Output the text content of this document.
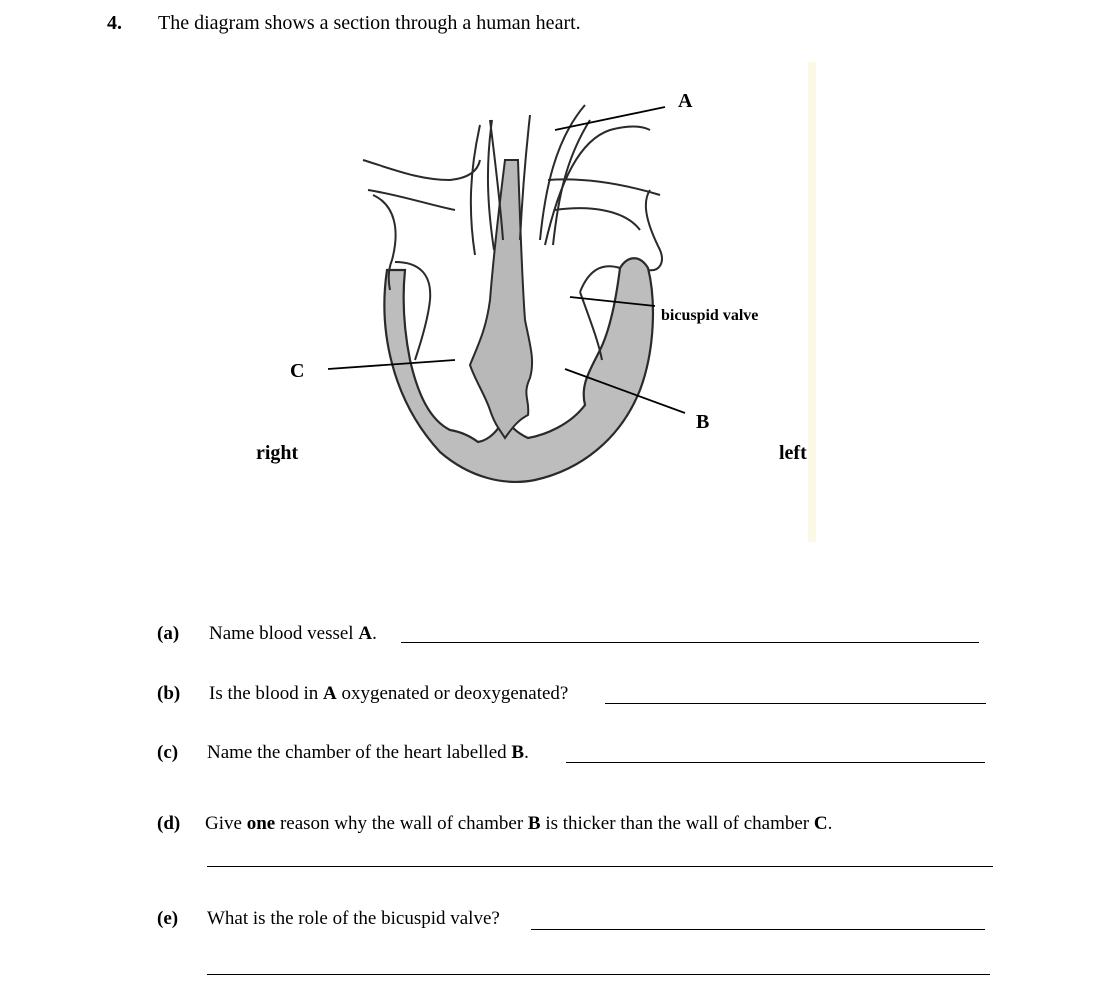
4. The diagram shows a section through a human heart.
A
bicuspid valve
C
B
right	left
(a) Name blood vessel A.
(b) Is the blood in A oxygenated or deoxygenated?
(c) Name the chamber of the heart labelled B.
(d) Give one reason why the wall of chamber B is thicker than the wall of chamber C.
(e) What is the role of the bicuspid valve?
